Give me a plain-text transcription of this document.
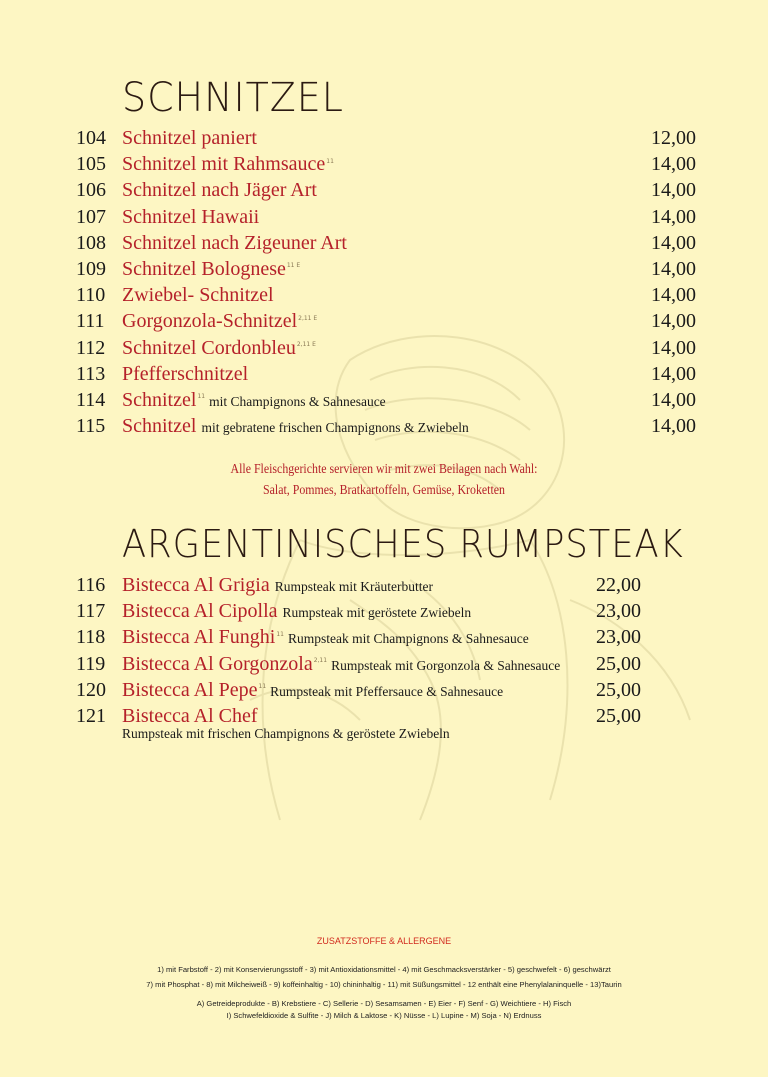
SCHNITZEL
104 Schnitzel paniert	12,00
105 Schnitzel mit Rahmsauce$^{11}$	14,00
106 Schnitzel nach Jäger Art	14,00
107 Schnitzel Hawaii	14,00
108 Schnitzel nach Zigeuner Art	14,00
109 Schnitzel Bolognese$^{11 E}$	14,00
110 Zwiebel- Schnitzel	14,00
111 Gorgonzola-Schnitzel$^{2,11 E}$	14,00
112 Schnitzel Cordonbleu$^{2,11 E}$	14,00
113 Pfefferschnitzel	14,00
114 Schnitzel$^{11}$ mit Champignons & Sahnesauce	14,00
115 Schnitzel mit gebratene frischen Champignons & Zwiebeln	14,00
Alle Fleischgerichte servieren wir mit zwei Beilagen nach Wahl:
Salat, Pommes, Bratkartoffeln, Gemüse, Kroketten
ARGENTINISCHES RUMPSTEAK
116 Bistecca Al Grigia Rumpsteak mit Kräuterbutter	22,00
117 Bistecca Al Cipolla Rumpsteak mit geröstete Zwiebeln	23,00
118 Bistecca Al Funghi$^{11}$ Rumpsteak mit Champignons & Sahnesauce	23,00
119 Bistecca Al Gorgonzola$^{2,11}$ Rumpsteak mit Gorgonzola & Sahnesauce 25,00
120 Bistecca Al Pepe$^{11}$ Rumpsteak mit Pfeffersauce & Sahnesauce	25,00
121 Bistecca Al Chef	25,00
Rumpsteak mit frischen Champignons & geröstete Zwiebeln
ZUSATZSTOFFE & ALLERGENE
1) mit Farbstoff - 2) mit Konservierungsstoff - 3) mit Antioxidationsmittel - 4) mit Geschmacksverstärker - 5) geschwefelt - 6) geschwärzt
7) mit Phosphat - 8) mit Milcheiweiß - 9) koffeinhaltig - 10) chininhaltig - 11) mit Süßungsmittel - 12 enthält eine Phenylalaninquelle - 13)Taurin
A) Getreideprodukte - B) Krebstiere - C) Sellerie - D) Sesamsamen - E) Eier - F) Senf - G) Weichtiere - H) Fisch
I) Schwefeldioxide & Sulfite - J) Milch & Laktose - K) Nüsse - L) Lupine - M) Soja - N) Erdnuss
